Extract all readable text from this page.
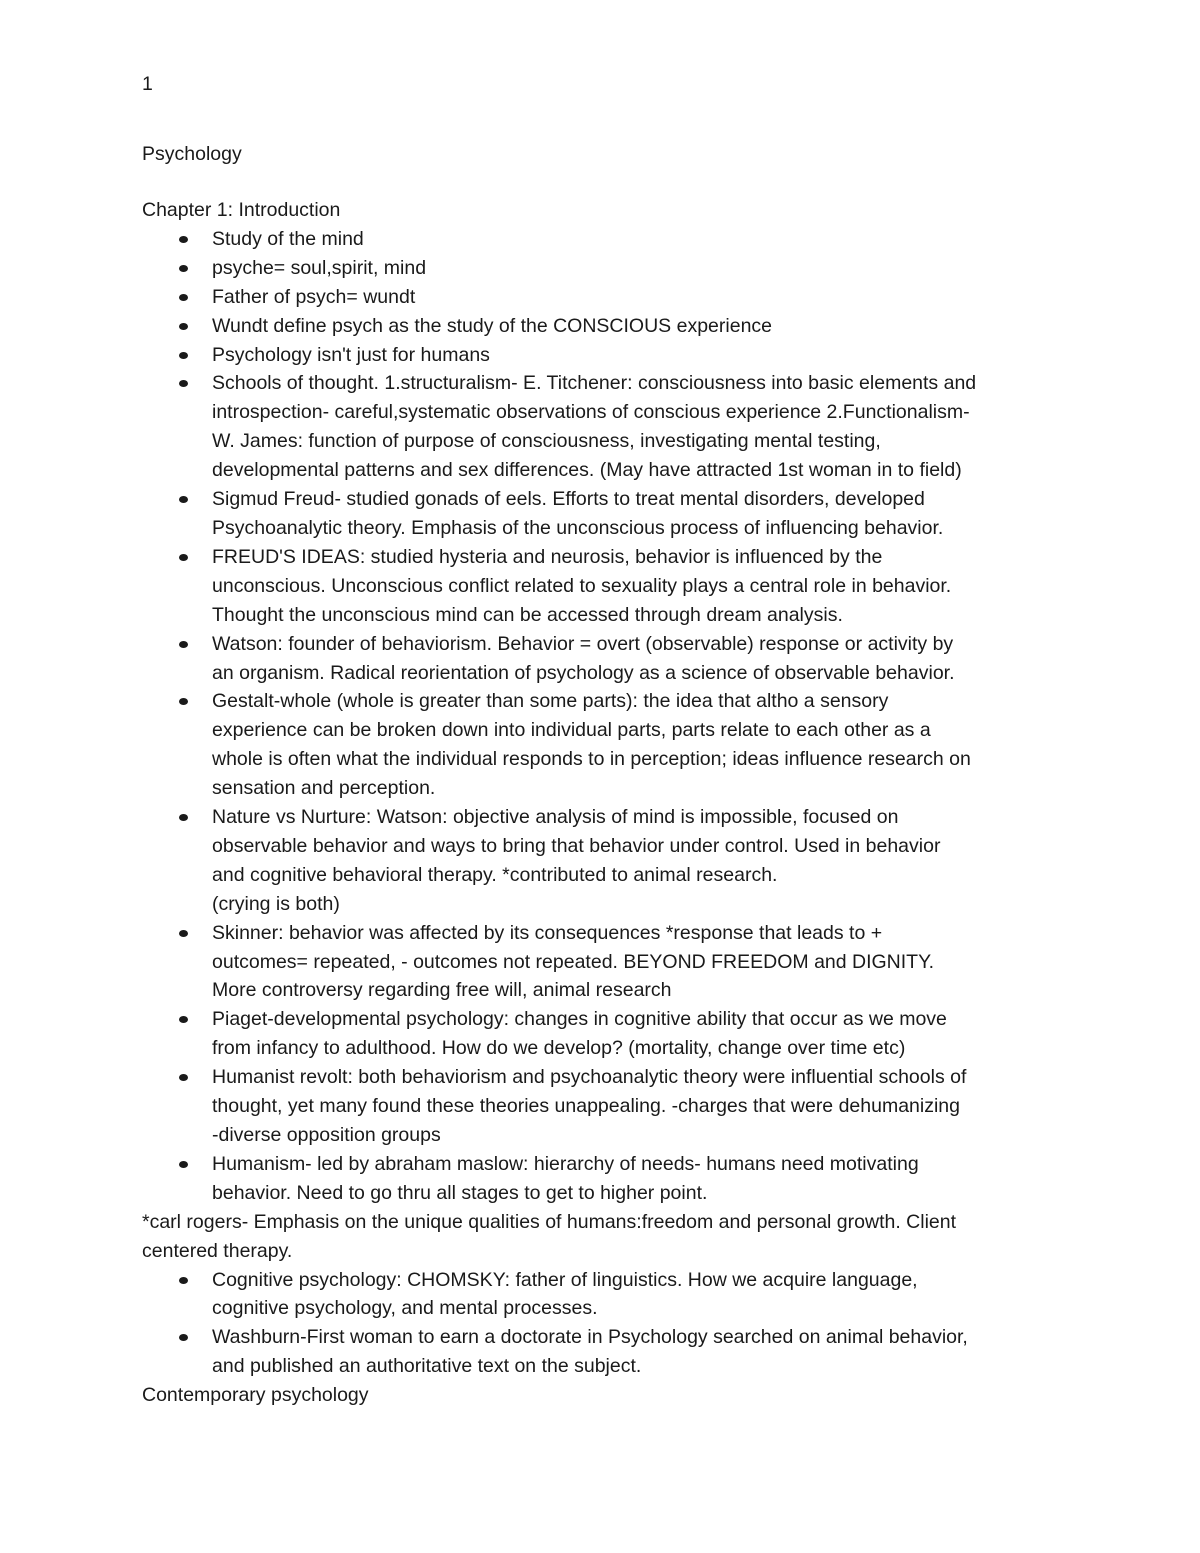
1
Psychology
Chapter 1: Introduction
Study of the mind
psyche= soul,spirit, mind
Father of psych= wundt
Wundt define psych as the study of the CONSCIOUS experience
Psychology isn't just for humans
Schools of thought. 1.structuralism- E. Titchener: consciousness into basic elements and
introspection- careful,systematic observations of conscious experience 2.Functionalism-
W. James: function of purpose of consciousness, investigating mental testing,
developmental patterns and sex differences. (May have attracted 1st woman in to field)
Sigmud Freud- studied gonads of eels. Efforts to treat mental disorders, developed
Psychoanalytic theory. Emphasis of the unconscious process of influencing behavior.
FREUD'S IDEAS: studied hysteria and neurosis, behavior is influenced by the
unconscious. Unconscious conflict related to sexuality plays a central role in behavior.
Thought the unconscious mind can be accessed through dream analysis.
Watson: founder of behaviorism. Behavior = overt (observable) response or activity by
an organism. Radical reorientation of psychology as a science of observable behavior.
Gestalt-whole (whole is greater than some parts): the idea that altho a sensory
experience can be broken down into individual parts, parts relate to each other as a
whole is often what the individual responds to in perception; ideas influence research on
sensation and perception.
Nature vs Nurture: Watson: objective analysis of mind is impossible, focused on
observable behavior and ways to bring that behavior under control. Used in behavior
and cognitive behavioral therapy. *contributed to animal research.
(crying is both)
Skinner: behavior was affected by its consequences *response that leads to +
outcomes= repeated, - outcomes not repeated. BEYOND FREEDOM and DIGNITY.
More controversy regarding free will, animal research
Piaget-developmental psychology: changes in cognitive ability that occur as we move
from infancy to adulthood. How do we develop? (mortality, change over time etc)
Humanist revolt: both behaviorism and psychoanalytic theory were influential schools of
thought, yet many found these theories unappealing. -charges that were dehumanizing
-diverse opposition groups
Humanism- led by abraham maslow: hierarchy of needs- humans need motivating
behavior. Need to go thru all stages to get to higher point.
*carl rogers- Emphasis on the unique qualities of humans:freedom and personal growth. Client
centered therapy.
Cognitive psychology: CHOMSKY: father of linguistics. How we acquire language,
cognitive psychology, and mental processes.
Washburn-First woman to earn a doctorate in Psychology searched on animal behavior,
and published an authoritative text on the subject.
Contemporary psychology
